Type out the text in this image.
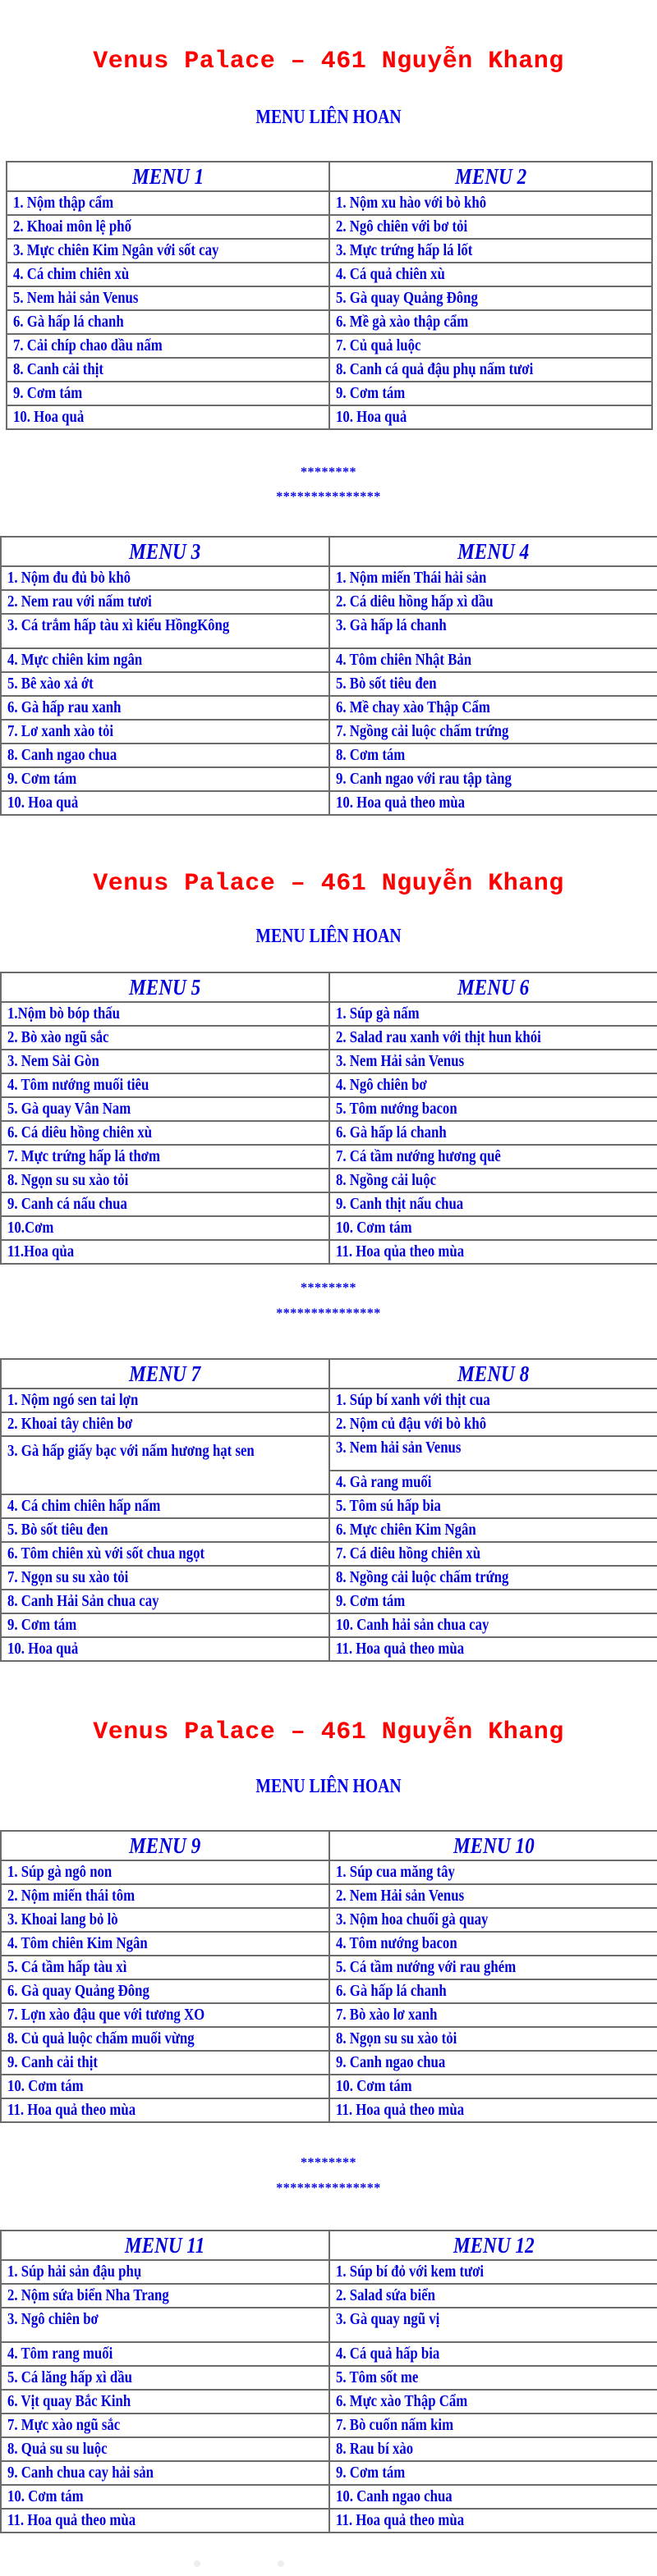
Venus Palace – 461 Nguyễn Khang
MENU LIÊN HOAN
MENU 1	MENU 2
1. Nộm thập cẩm	1. Nộm xu hào với bò khô
2. Khoai môn lệ phố	2. Ngô chiên với bơ tỏi
3. Mực chiên Kim Ngân với sốt cay	3. Mực trứng hấp lá lốt
4. Cá chim chiên xù	4. Cá quả chiên xù
5. Nem hải sản Venus	5. Gà quay Quảng Đông
6. Gà hấp lá chanh	6. Mề gà xào thập cẩm
7. Cải chíp chao dầu nấm	7. Củ quả luộc
8. Canh cải thịt	8. Canh cá quả đậu phụ nấm tươi
9. Cơm tám	9. Cơm tám
10. Hoa quả	10. Hoa quả

********

***************

MENU 3	MENU 4
1. Nộm đu đủ bò khô	1. Nộm miến Thái hải sản
2. Nem rau với nấm tươi	2. Cá diêu hồng hấp xì dầu
3. Cá trắm hấp tàu xì kiểu HồngKông	3. Gà hấp lá chanh
4. Mực chiên kim ngân	4. Tôm chiên Nhật Bản
5. Bê xào xả ớt	5. Bò sốt tiêu đen
6. Gà hấp rau xanh	6. Mề chay xào Thập Cẩm
7. Lơ xanh xào tỏi	7. Ngồng cải luộc chấm trứng
8. Canh ngao chua	8. Cơm tám
9. Cơm tám	9. Canh ngao với rau tập tàng
10. Hoa quả	10. Hoa quả theo mùa
Venus Palace – 461 Nguyễn Khang
MENU LIÊN HOAN
MENU 5	MENU 6
1.Nộm bò bóp thấu	1. Súp gà nấm
2. Bò xào ngũ sắc	2. Salad rau xanh với thịt hun khói
3. Nem Sài Gòn	3. Nem Hải sản Venus
4. Tôm nướng muối tiêu	4. Ngô chiên bơ
5. Gà quay Vân Nam	5. Tôm nướng bacon
6. Cá diêu hồng chiên xù	6. Gà hấp lá chanh
7. Mực trứng hấp lá thơm	7. Cá tầm nướng hương quê
8. Ngọn su su xào tỏi	8. Ngồng cải luộc
9. Canh cá nấu chua	9. Canh thịt nấu chua
10.Cơm	10. Cơm tám
11.Hoa qủa	11. Hoa qủa theo mùa

********

***************

MENU 7	MENU 8
1. Nộm ngó sen tai lợn	1. Súp bí xanh với thịt cua
2. Khoai tây chiên bơ	2. Nộm củ đậu với bò khô
3. Gà hấp giấy bạc với nấm hương hạt sen	3. Nem hải sản Venus
	4. Gà rang muối
4. Cá chim chiên hấp nấm	5. Tôm sú hấp bia
5. Bò sốt tiêu đen	6. Mực chiên Kim Ngân
6. Tôm chiên xù với sốt chua ngọt	7. Cá diêu hồng chiên xù
7. Ngọn su su xào tỏi	8. Ngồng cải luộc chấm trứng
8. Canh Hải Sản chua cay	9. Cơm tám
9. Cơm tám	10. Canh hải sản chua cay
10. Hoa quả	11. Hoa quả theo mùa
Venus Palace – 461 Nguyễn Khang
MENU LIÊN HOAN
MENU 9	MENU 10
1. Súp gà ngô non	1. Súp cua măng tây
2. Nộm miến thái tôm	2. Nem Hải sản Venus
3. Khoai lang bỏ lò	3. Nộm hoa chuối gà quay
4. Tôm chiên Kim Ngân	4. Tôm nướng bacon
5. Cá tầm hấp tàu xì	5. Cá tầm nướng với rau ghém
6. Gà quay Quảng Đông	6. Gà hấp lá chanh
7. Lợn xào đậu que với tương XO	7. Bò xào lơ xanh
8. Củ quả luộc chấm muối vừng	8. Ngọn su su xào tỏi
9. Canh cải thịt	9. Canh ngao chua
10. Cơm tám	10. Cơm tám
11. Hoa quả theo mùa	11. Hoa quả theo mùa

********

***************

MENU 11	MENU 12
1. Súp hải sản đậu phụ	1. Súp bí đỏ với kem tươi
2. Nộm sứa biển Nha Trang	2. Salad sứa biển
3. Ngô chiên bơ	3. Gà quay ngũ vị
4. Tôm rang muối	4. Cá quả hấp bia
5. Cá lăng hấp xì dầu	5. Tôm sốt me
6. Vịt quay Bắc Kinh	6. Mực xào Thập Cẩm
7. Mực xào ngũ sắc	7. Bò cuốn nấm kim
8. Quả su su luộc	8. Rau bí xào
9. Canh chua cay hải sản	9. Cơm tám
10. Cơm tám	10. Canh ngao chua
11. Hoa quả theo mùa	11. Hoa quả theo mùa
